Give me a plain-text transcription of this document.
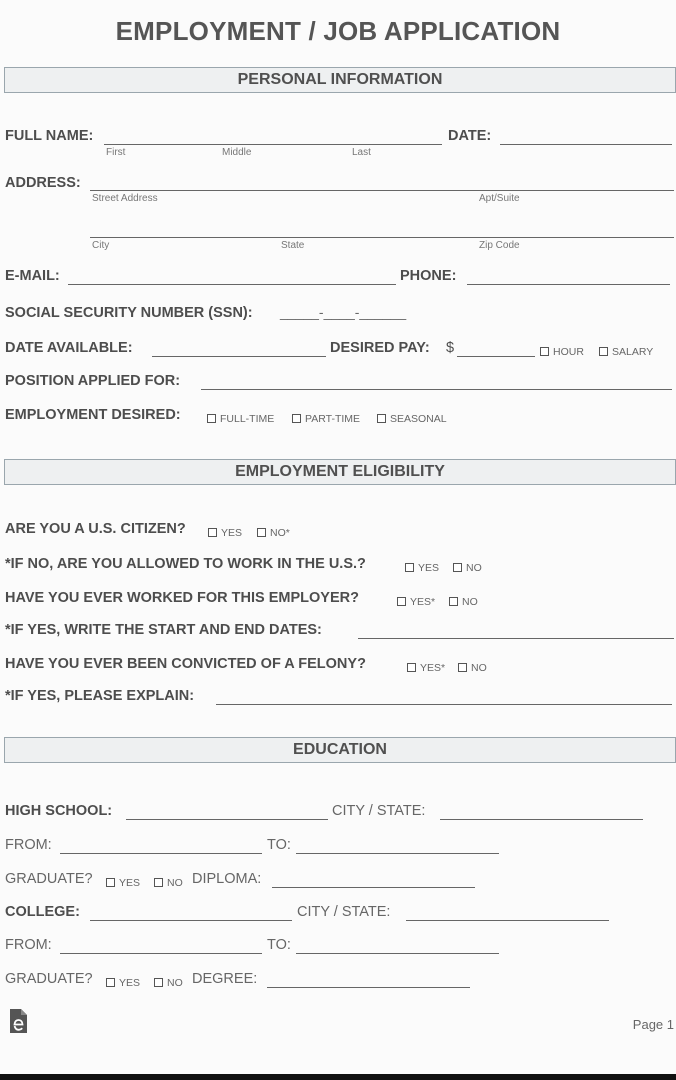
EMPLOYMENT / JOB APPLICATION
PERSONAL INFORMATION
FULL NAME:
First	Middle	Last
DATE:
ADDRESS:
Street Address	Apt/Suite
City	State	Zip Code
E-MAIL:	PHONE:
SOCIAL SECURITY NUMBER (SSN): _____-____-______
DATE AVAILABLE:	DESIRED PAY: $	HOUR	SALARY
POSITION APPLIED FOR:
EMPLOYMENT DESIRED:	FULL-TIME	PART-TIME	SEASONAL
EMPLOYMENT ELIGIBILITY
ARE YOU A U.S. CITIZEN?	YES	NO*
*IF NO, ARE YOU ALLOWED TO WORK IN THE U.S.?	YES	NO
HAVE YOU EVER WORKED FOR THIS EMPLOYER?	YES*	NO
*IF YES, WRITE THE START AND END DATES:
HAVE YOU EVER BEEN CONVICTED OF A FELONY?	YES*	NO
*IF YES, PLEASE EXPLAIN:
EDUCATION
HIGH SCHOOL:	CITY / STATE:
FROM:	TO:
GRADUATE?	YES	NO DIPLOMA:
COLLEGE:	CITY / STATE:
FROM:	TO:
GRADUATE?	YES	NO DEGREE:
Page 1
